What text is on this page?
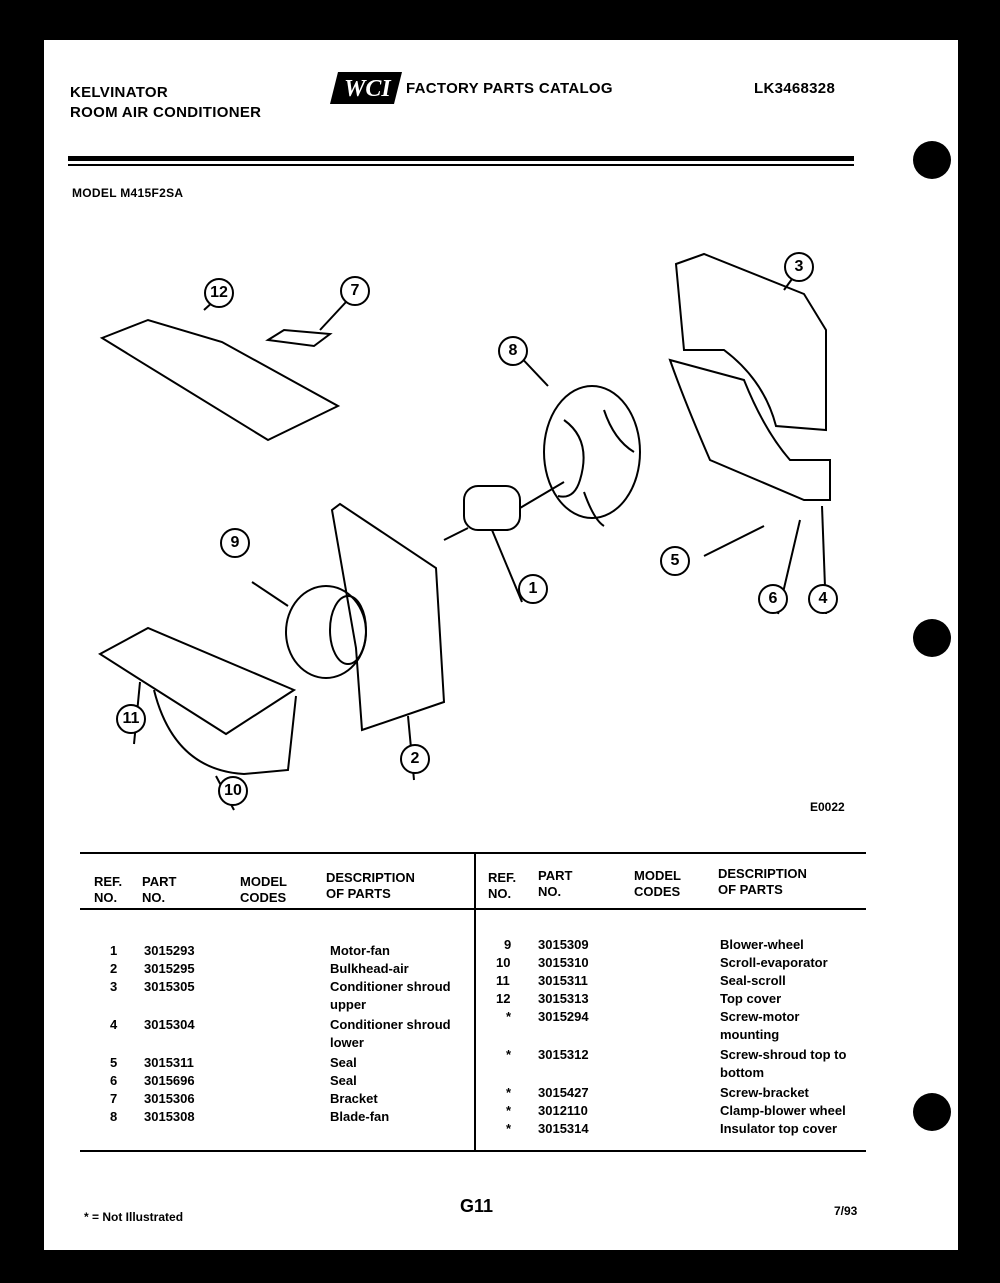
KELVINATOR
ROOM AIR CONDITIONER
WCI FACTORY PARTS CATALOG	LK3468328
MODEL M415F2SA
12	7
8
3
9
1
5
6	4
11
2
10
E0022
REF.
NO.
PART
NO.
MODEL
CODES
DESCRIPTION
OF PARTS
REF.
NO.
PART
NO.
MODEL
CODES
DESCRIPTION
OF PARTS
1 3015293	Motor-fan
2 3015295	Bulkhead-air
3 3015305	Conditioner shroud upper
4 3015304	Conditioner shroud lower
5 3015311	Seal
6 3015696	Seal
7 3015306	Bracket
8 3015308	Blade-fan
9 3015309	Blower-wheel
10 3015310	Scroll-evaporator
11 3015311	Seal-scroll
12 3015313	Top cover
* 3015294	Screw-motor mounting
* 3015312	Screw-shroud top to bottom
* 3015427	Screw-bracket
* 3012110	Clamp-blower wheel
* 3015314	Insulator top cover
* = Not Illustrated
G11	7/93
